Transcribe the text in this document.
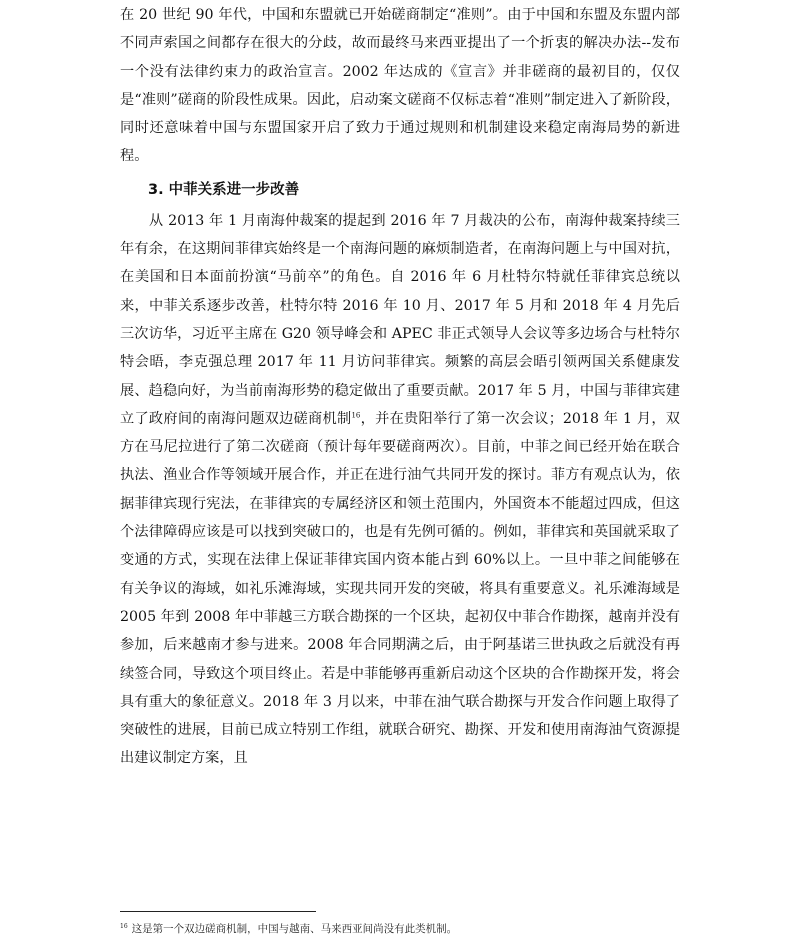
在 20 世纪 90 年代，中国和东盟就已开始磋商制定“准则”。由于中国和东盟及东盟内部不同声索国之间都存在很大的分歧，故而最终马来西亚提出了一个折衷的解决办法--发布一个没有法律约束力的政治宣言。2002 年达成的《宣言》并非磋商的最初目的，仅仅是“准则”磋商的阶段性成果。因此，启动案文磋商不仅标志着“准则”制定进入了新阶段，同时还意味着中国与东盟国家开启了致力于通过规则和机制建设来稳定南海局势的新进程。

3. 中菲关系进一步改善

从 2013 年 1 月南海仲裁案的提起到 2016 年 7 月裁决的公布，南海仲裁案持续三年有余，在这期间菲律宾始终是一个南海问题的麻烦制造者，在南海问题上与中国对抗，在美国和日本面前扮演“马前卒”的角色。自 2016 年 6 月杜特尔特就任菲律宾总统以来，中菲关系逐步改善，杜特尔特 2016 年 10 月、2017 年 5 月和 2018 年 4 月先后三次访华，习近平主席在 G20 领导峰会和 APEC 非正式领导人会议等多边场合与杜特尔特会晤，李克强总理 2017 年 11 月访问菲律宾。频繁的高层会晤引领两国关系健康发展、趋稳向好，为当前南海形势的稳定做出了重要贡献。2017 年 5 月，中国与菲律宾建立了政府间的南海问题双边磋商机制$^{16}$，并在贵阳举行了第一次会议；2018 年 1 月，双方在马尼拉进行了第二次磋商（预计每年要磋商两次）。目前，中菲之间已经开始在联合执法、渔业合作等领域开展合作，并正在进行油气共同开发的探讨。菲方有观点认为，依据菲律宾现行宪法，在菲律宾的专属经济区和领土范围内，外国资本不能超过四成，但这个法律障碍应该是可以找到突破口的，也是有先例可循的。例如，菲律宾和英国就采取了变通的方式，实现在法律上保证菲律宾国内资本能占到 60%以上。一旦中菲之间能够在有关争议的海域，如礼乐滩海域，实现共同开发的突破，将具有重要意义。礼乐滩海域是 2005 年到 2008 年中菲越三方联合勘探的一个区块，起初仅中菲合作勘探，越南并没有参加，后来越南才参与进来。2008 年合同期满之后，由于阿基诺三世执政之后就没有再续签合同，导致这个项目终止。若是中菲能够再重新启动这个区块的合作勘探开发，将会具有重大的象征意义。2018 年 3 月以来，中菲在油气联合勘探与开发合作问题上取得了突破性的进展，目前已成立特别工作组，就联合研究、勘探、开发和使用南海油气资源提出建议制定方案，且

$^{16}$ 这是第一个双边磋商机制，中国与越南、马来西亚间尚没有此类机制。
